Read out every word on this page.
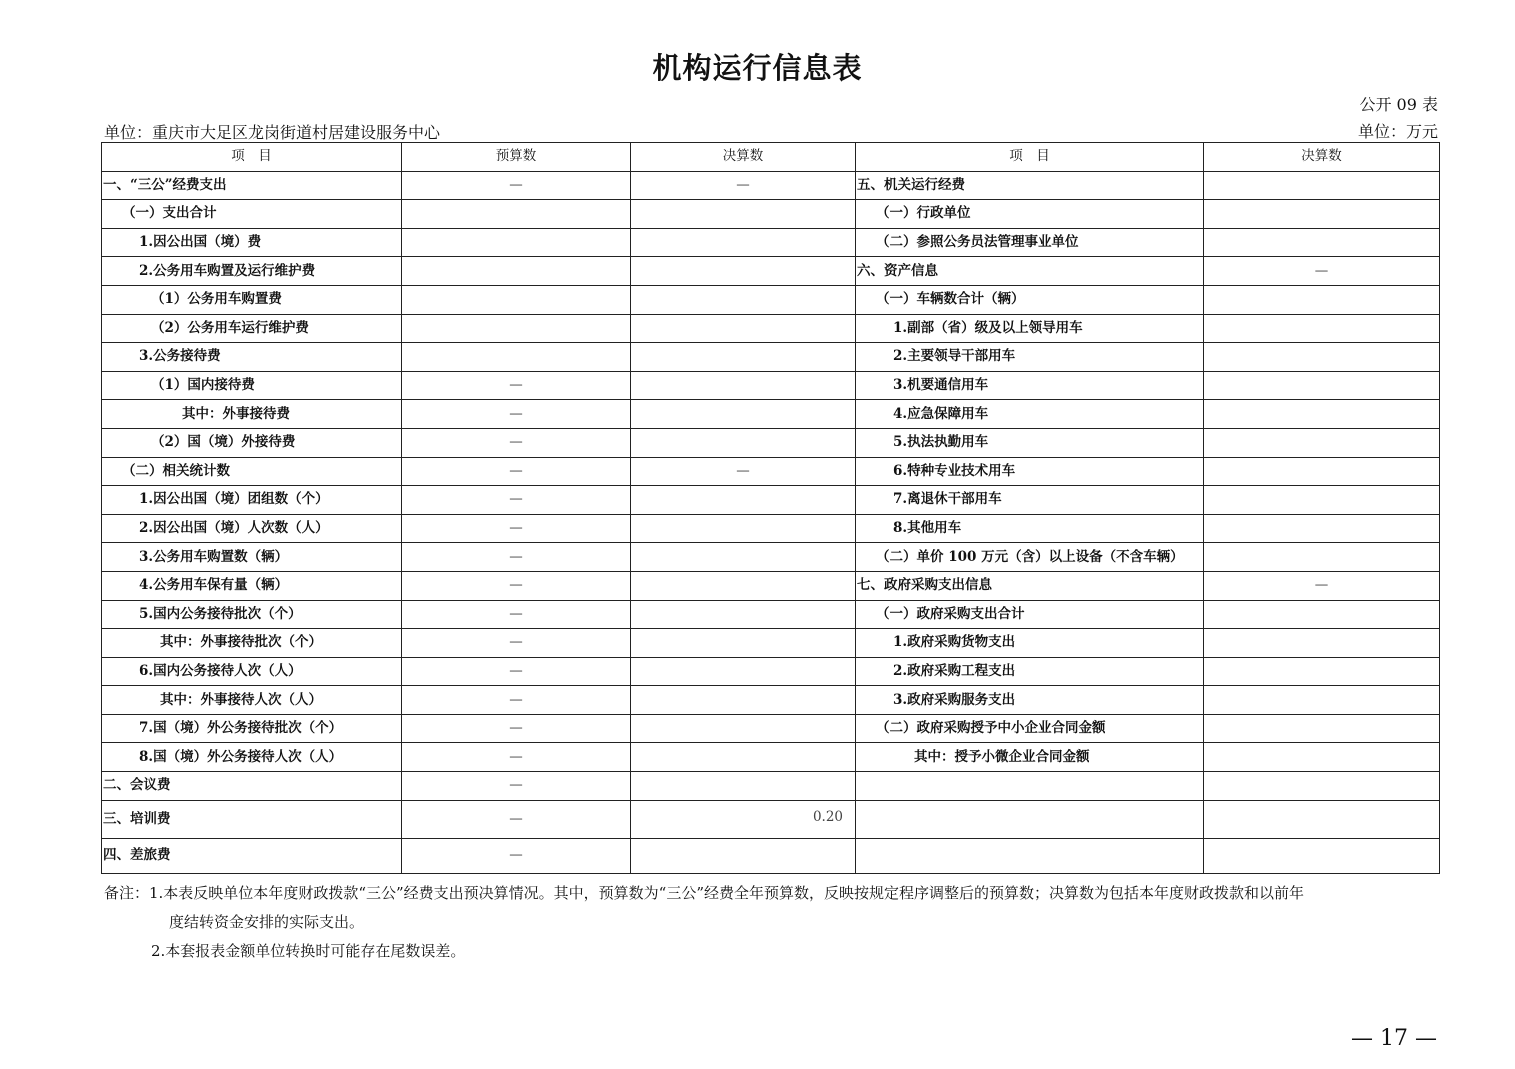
机构运行信息表
公开 09 表
单位：重庆市大足区龙岗街道村居建设服务中心	单位：万元
项　目	预算数	决算数	项　目	决算数
一、“三公”经费支出	—	—	五、机关运行经费	
（一）支出合计			（一）行政单位	
1.因公出国（境）费			（二）参照公务员法管理事业单位	
2.公务用车购置及运行维护费			六、资产信息	—
（1）公务用车购置费			（一）车辆数合计（辆）	
（2）公务用车运行维护费			1.副部（省）级及以上领导用车	
3.公务接待费			2.主要领导干部用车	
（1）国内接待费	—		3.机要通信用车	
其中：外事接待费	—		4.应急保障用车	
（2）国（境）外接待费	—		5.执法执勤用车	
（二）相关统计数	—	—	6.特种专业技术用车	
1.因公出国（境）团组数（个）	—		7.离退休干部用车	
2.因公出国（境）人次数（人）	—		8.其他用车	
3.公务用车购置数（辆）	—		（二）单价 100 万元（含）以上设备（不含车辆）	
4.公务用车保有量（辆）	—		七、政府采购支出信息	—
5.国内公务接待批次（个）	—		（一）政府采购支出合计	
其中：外事接待批次（个）	—		1.政府采购货物支出	
6.国内公务接待人次（人）	—		2.政府采购工程支出	
其中：外事接待人次（人）	—		3.政府采购服务支出	
7.国（境）外公务接待批次（个）	—		（二）政府采购授予中小企业合同金额	
8.国（境）外公务接待人次（人）	—		其中：授予小微企业合同金额	
二、会议费	—			
三、培训费	—	0.20		
四、差旅费	—			
备注：1.本表反映单位本年度财政拨款“三公”经费支出预决算情况。其中，预算数为“三公”经费全年预算数，反映按规定程序调整后的预算数；决算数为包括本年度财政拨款和以前年
度结转资金安排的实际支出。
2.本套报表金额单位转换时可能存在尾数误差。
— 17 —
